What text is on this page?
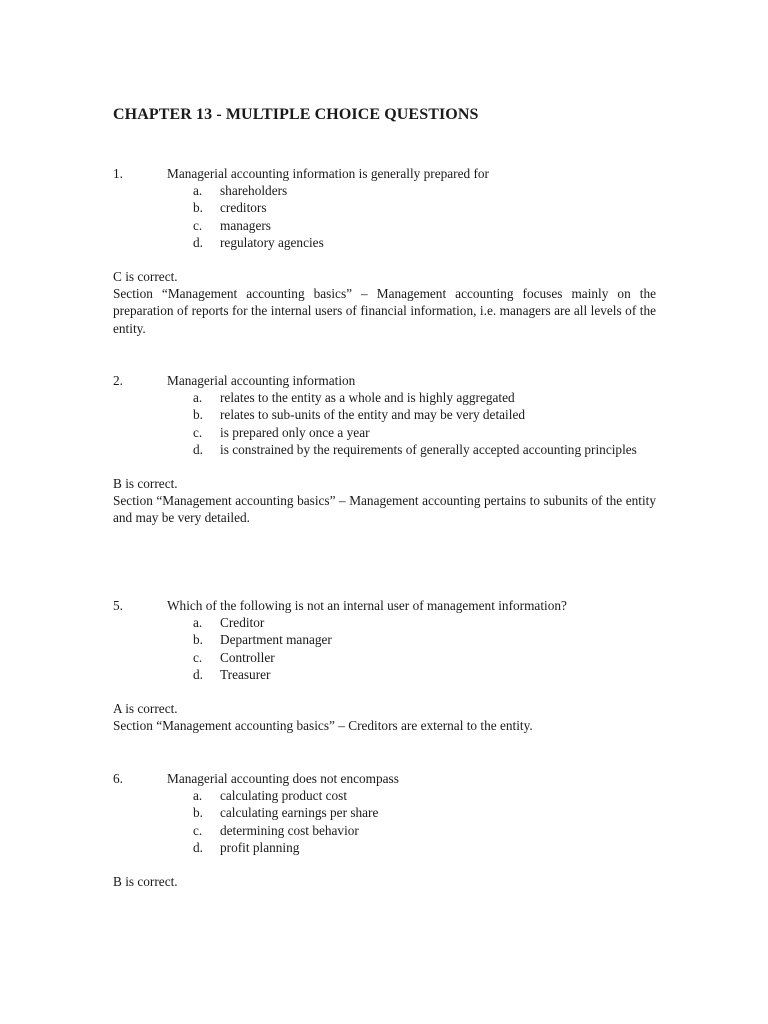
CHAPTER 13 - MULTIPLE CHOICE QUESTIONS
1.	Managerial accounting information is generally prepared for
a.	shareholders
b.	creditors
c.	managers
d.	regulatory agencies
C is correct.
Section “Management accounting basics” – Management accounting focuses mainly on the preparation of reports for the internal users of financial information, i.e. managers are all levels of the entity.
2.	Managerial accounting information
a.	relates to the entity as a whole and is highly aggregated
b.	relates to sub-units of the entity and may be very detailed
c.	is prepared only once a year
d.	is constrained by the requirements of generally accepted accounting principles
B is correct.
Section “Management accounting basics” – Management accounting pertains to subunits of the entity and may be very detailed.
5.	Which of the following is not an internal user of management information?
a.	Creditor
b.	Department manager
c.	Controller
d.	Treasurer
A is correct.
Section “Management accounting basics” – Creditors are external to the entity.
6.	Managerial accounting does not encompass
a.	calculating product cost
b.	calculating earnings per share
c.	determining cost behavior
d.	profit planning
B is correct.
